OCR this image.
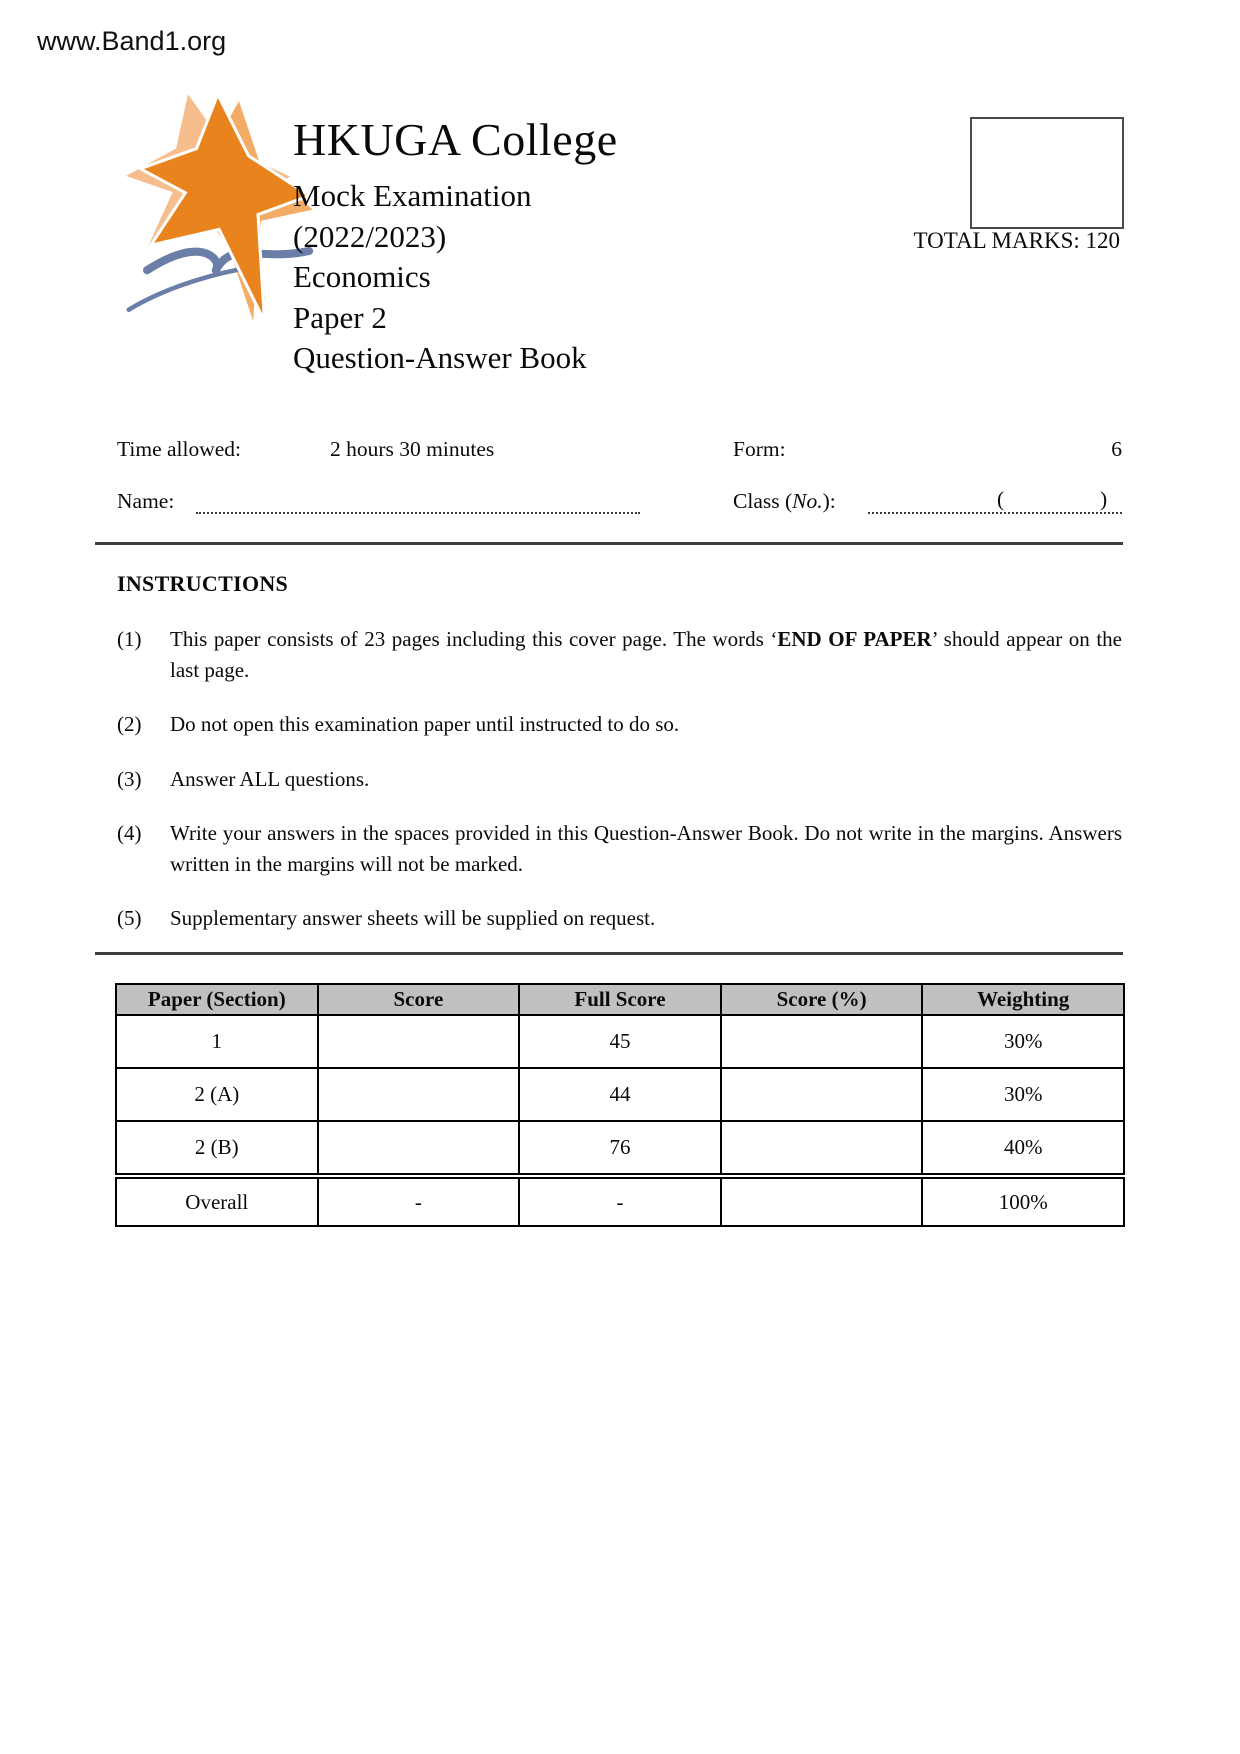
www.Band1.org
HKUGA College
Mock Examination
(2022/2023)
Economics
Paper 2
Question-Answer Book
TOTAL MARKS: 120
Time allowed:	2 hours 30 minutes	Form:	6
Name:	Class (No.):	(	)
INSTRUCTIONS
(1)	This paper consists of 23 pages including this cover page. The words ‘END OF PAPER’ should appear on the last page.
(2)	Do not open this examination paper until instructed to do so.
(3)	Answer ALL questions.
(4)	Write your answers in the spaces provided in this Question-Answer Book. Do not write in the margins. Answers written in the margins will not be marked.
(5)	Supplementary answer sheets will be supplied on request.
Paper (Section)	Score	Full Score	Score (%)	Weighting
1		45		30%
2 (A)		44		30%
2 (B)		76		40%
Overall	-	-		100%
